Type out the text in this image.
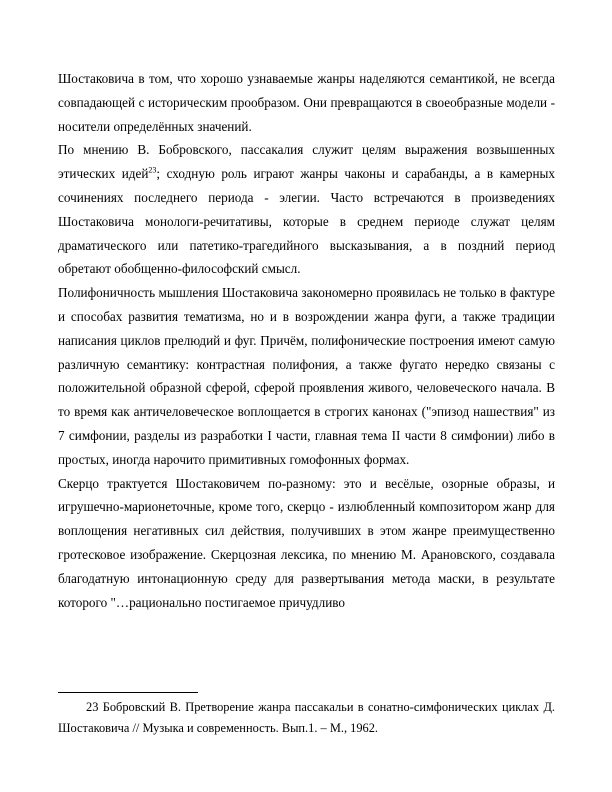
Шостаковича в том, что хорошо узнаваемые жанры наделяются семантикой, не всегда совпадающей с историческим прообразом. Они превращаются в своеобразные модели - носители определённых значений.

По мнению В. Бобровского, пассакалия служит целям выражения возвышенных этических идей$^{23}$; сходную роль играют жанры чаконы и сарабанды, а в камерных сочинениях последнего периода - элегии. Часто встречаются в произведениях Шостаковича монологи-речитативы, которые в среднем периоде служат целям драматического или патетико-трагедийного высказывания, а в поздний период обретают обобщенно-философский смысл.

Полифоничность мышления Шостаковича закономерно проявилась не только в фактуре и способах развития тематизма, но и в возрождении жанра фуги, а также традиции написания циклов прелюдий и фуг. Причём, полифонические построения имеют самую различную семантику: контрастная полифония, а также фугато нередко связаны с положительной образной сферой, сферой проявления живого, человеческого начала. В то время как античеловеческое воплощается в строгих канонах ("эпизод нашествия" из 7 симфонии, разделы из разработки I части, главная тема II части 8 симфонии) либо в простых, иногда нарочито примитивных гомофонных формах.

Скерцо трактуется Шостаковичем по-разному: это и весёлые, озорные образы, и игрушечно-марионеточные, кроме того, скерцо - излюбленный композитором жанр для воплощения негативных сил действия, получивших в этом жанре преимущественно гротесковое изображение. Скерцозная лексика, по мнению М. Арановского, создавала благодатную интонационную среду для развертывания метода маски, в результате которого "…рационально постигаемое причудливо

23 Бобровский В. Претворение жанра пассакальи в сонатно-симфонических циклах Д. Шостаковича // Музыка и современность. Вып.1. – М., 1962.
